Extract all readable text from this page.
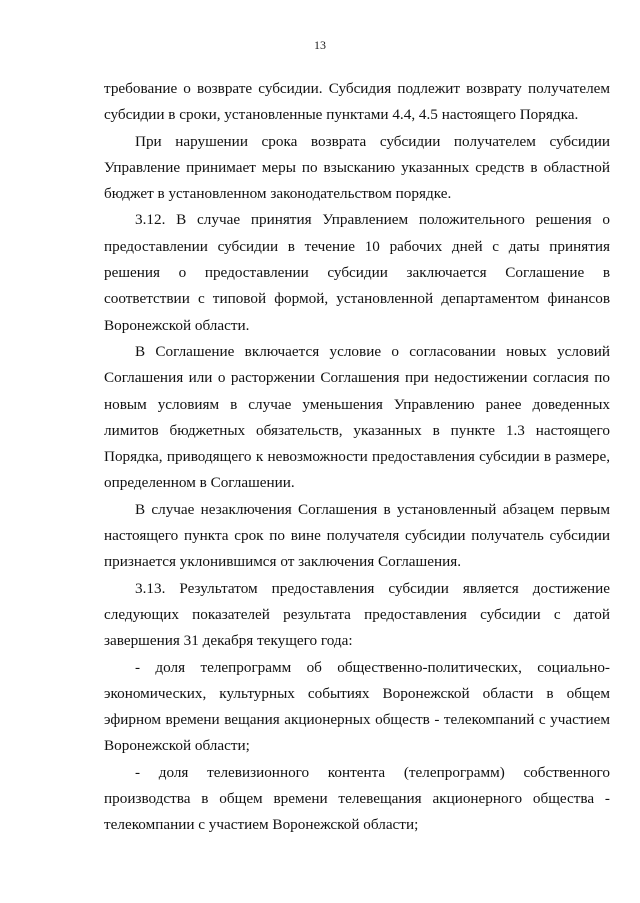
13

требование о возврате субсидии. Субсидия подлежит возврату получателем субсидии в сроки, установленные пунктами 4.4, 4.5 настоящего Порядка.

При нарушении срока возврата субсидии получателем субсидии Управление принимает меры по взысканию указанных средств в областной бюджет в установленном законодательством порядке.

3.12. В случае принятия Управлением положительного решения о предоставлении субсидии в течение 10 рабочих дней с даты принятия решения о предоставлении субсидии заключается Соглашение в соответствии с типовой формой, установленной департаментом финансов Воронежской области.

В Соглашение включается условие о согласовании новых условий Соглашения или о расторжении Соглашения при недостижении согласия по новым условиям в случае уменьшения Управлению ранее доведенных лимитов бюджетных обязательств, указанных в пункте 1.3 настоящего Порядка, приводящего к невозможности предоставления субсидии в размере, определенном в Соглашении.

В случае незаключения Соглашения в установленный абзацем первым настоящего пункта срок по вине получателя субсидии получатель субсидии признается уклонившимся от заключения Соглашения.

3.13. Результатом предоставления субсидии является достижение следующих показателей результата предоставления субсидии с датой завершения 31 декабря текущего года:

- доля телепрограмм об общественно-политических, социально-экономических, культурных событиях Воронежской области в общем эфирном времени вещания акционерных обществ - телекомпаний с участием Воронежской области;

- доля телевизионного контента (телепрограмм) собственного производства в общем времени телевещания акционерного общества - телекомпании с участием Воронежской области;
